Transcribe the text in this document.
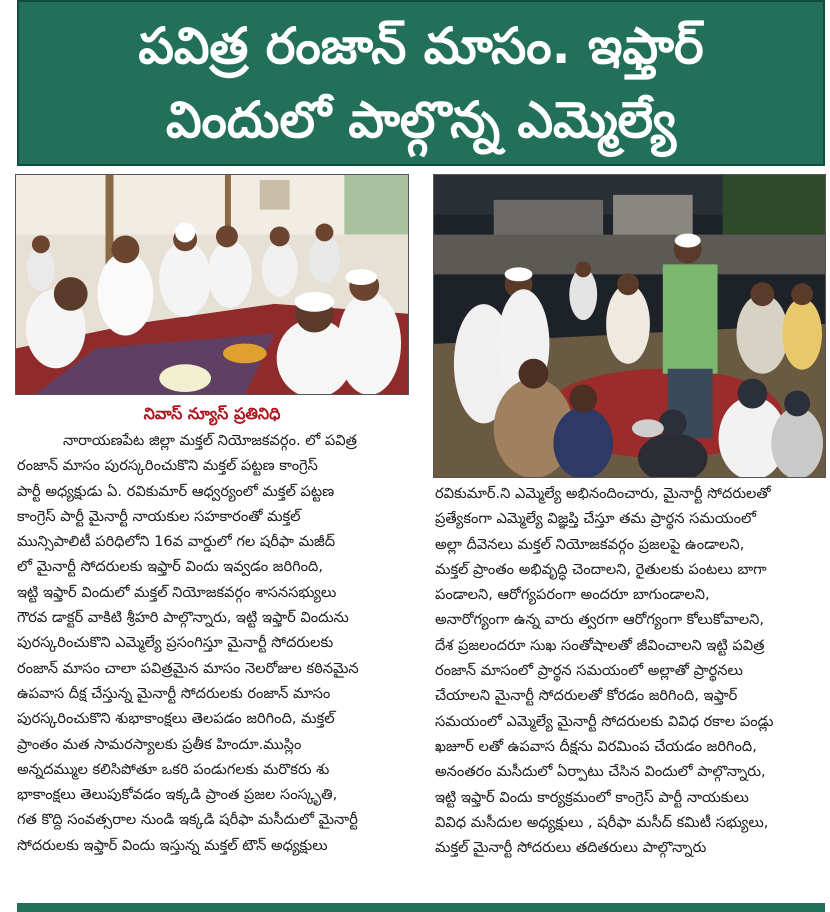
పవిత్ర రంజాన్ మాసం. ఇఫ్తార్
విందులో పాల్గొన్న ఎమ్మెల్యే
నివాస్ న్యూస్ ప్రతినిధి
నారాయణపేట జిల్లా మక్తల్ నియోజకవర్గం. లో పవిత్ర
రంజాన్ మాసం పురస్కరించుకొని మక్తల్ పట్టణ కాంగ్రెస్
పార్టీ అధ్యక్షుడు ఏ. రవికుమార్ ఆధ్వర్యంలో మక్తల్ పట్టణ
కాంగ్రెస్ పార్టీ మైనార్టీ నాయకుల సహకారంతో మక్తల్
మున్సిపాలిటీ పరిధిలోని 16వ వార్డులో గల షరీఫా మజీద్
లో మైనార్టీ సోదరులకు ఇఫ్తార్ విందు ఇవ్వడం జరిగింది,
ఇట్టి ఇఫ్తార్ విందులో మక్తల్ నియోజకవర్గం శాసనసభ్యులు
గౌరవ డాక్టర్ వాకిటి శ్రీహరి పాల్గొన్నారు, ఇట్టి ఇఫ్తార్ విందును
పురస్కరించుకొని ఎమ్మెల్యే ప్రసంగిస్తూ మైనార్టీ సోదరులకు
రంజాన్ మాసం చాలా పవిత్రమైన మాసం నెలరోజుల కఠినమైన
ఉపవాస దీక్ష చేస్తున్న మైనార్టీ సోదరులకు రంజాన్ మాసం
పురస్కరించుకొని శుభాకాంక్షలు తెలపడం జరిగింది, మక్తల్
ప్రాంతం మత సామరస్యాలకు ప్రతీక హిందూ.ముస్లిం
అన్నదమ్ముల కలిసిపోతూ ఒకరి పండుగలకు మరొకరు శు
భాకాంక్షలు తెలుపుకోవడం ఇక్కడి ప్రాంత ప్రజల సంస్కృతి,
గత కొద్ది సంవత్సరాల నుండి ఇక్కడి షరీఫా మసీదులో మైనార్టీ
సోదరులకు ఇఫ్తార్ విందు ఇస్తున్న మక్తల్ టౌన్ అధ్యక్షులు
రవికుమార్.ని ఎమ్మెల్యే అభినందించారు, మైనార్టీ సోదరులతో
ప్రత్యేకంగా ఎమ్మెల్యే విజ్ఞప్తి చేస్తూ తమ ప్రార్థన సమయంలో
అల్లా దీవెనలు మక్తల్ నియోజకవర్గం ప్రజలపై ఉండాలని,
మక్తల్ ప్రాంతం అభివృద్ధి చెందాలని, రైతులకు పంటలు బాగా
పండాలని, ఆరోగ్యపరంగా అందరూ బాగుండాలని,
అనారోగ్యంగా ఉన్న వారు త్వరగా ఆరోగ్యంగా కోలుకోవాలని,
దేశ ప్రజలందరూ సుఖ సంతోషాలతో జీవించాలని ఇట్టి పవిత్ర
రంజాన్ మాసంలో ప్రార్థన సమయంలో అల్లాతో ప్రార్థనలు
చేయాలని మైనార్టీ సోదరులతో కోరడం జరిగింది, ఇఫ్తార్
సమయంలో ఎమ్మెల్యే మైనార్టీ సోదరులకు వివిధ రకాల పండ్లు
ఖజూర్ లతో ఉపవాస దీక్షను విరమింప చేయడం జరిగింది,
అనంతరం మసీదులో ఏర్పాటు చేసిన విందులో పాల్గొన్నారు,
ఇట్టి ఇఫ్తార్ విందు కార్యక్రమంలో కాంగ్రెస్ పార్టీ నాయకులు
వివిధ మసీదుల అధ్యక్షులు , షరీఫా మసీద్ కమిటీ సభ్యులు,
మక్తల్ మైనార్టీ సోదరులు తదితరులు పాల్గొన్నారు
